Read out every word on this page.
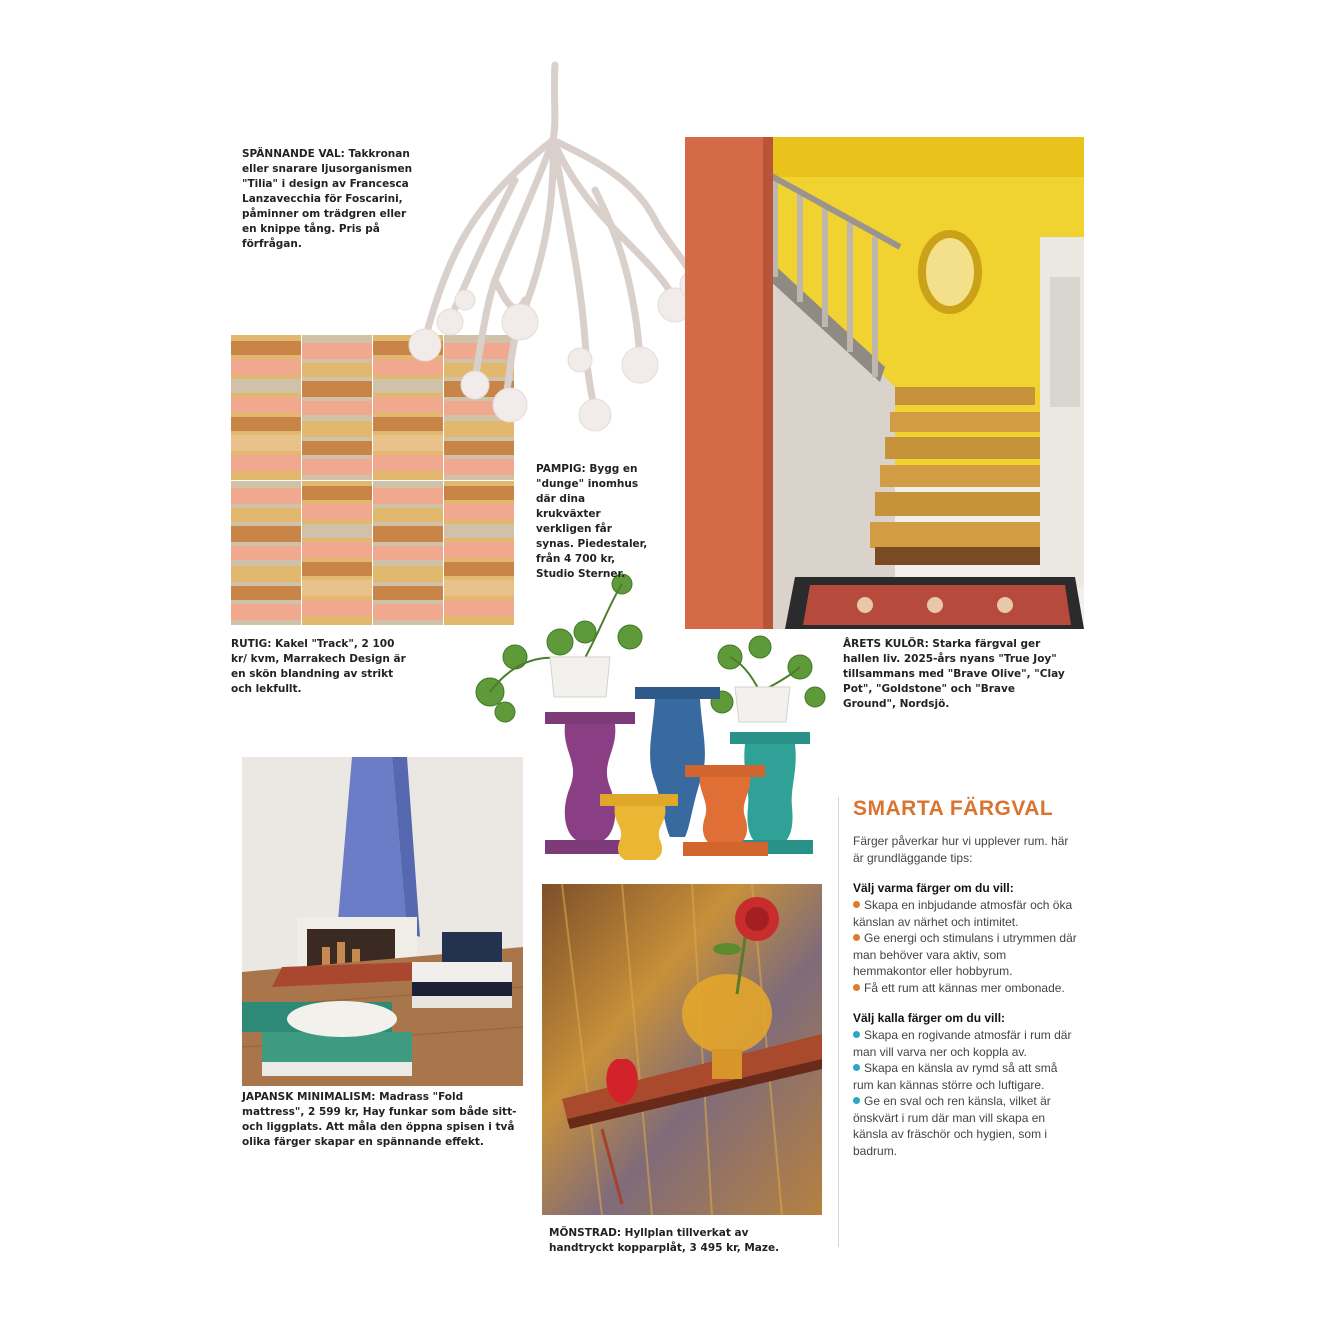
SPÄNNANDE VAL: Takkronan eller snarare ljusorganismen "Tilia" i design av Francesca Lanzavecchia för Foscarini, påminner om trädgren eller en knippe tång. Pris på förfrågan.

PAMPIG: Bygg en "dunge" inomhus där dina krukväxter verkligen får synas. Piedestaler, från 4 700 kr, Studio Sterner.

RUTIG: Kakel "Track", 2 100 kr/ kvm, Marrakech Design är en skön blandning av strikt och lekfullt.

ÅRETS KULÖR: Starka färgval ger hallen liv. 2025-års nyans "True Joy" tillsammans med "Brave Olive", "Clay Pot", "Goldstone" och "Brave Ground", Nordsjö.

JAPANSK MINIMALISM: Madrass "Fold mattress", 2 599 kr, Hay funkar som både sitt- och liggplats. Att måla den öppna spisen i två olika färger skapar en spännande effekt.

MÖNSTRAD: Hyllplan tillverkat av handtryckt kopparplåt, 3 495 kr, Maze.

SMARTA FÄRGVAL

Färger påverkar hur vi upplever rum. här är grundläggande tips:

Välj varma färger om du vill:

Skapa en inbjudande atmosfär och öka känslan av närhet och intimitet.

Ge energi och stimulans i utrymmen där man behöver vara aktiv, som hemmakontor eller hobbyrum.

Få ett rum att kännas mer ombonade.

Välj kalla färger om du vill:

Skapa en rogivande atmosfär i rum där man vill varva ner och koppla av.

Skapa en känsla av rymd så att små rum kan kännas större och luftigare.

Ge en sval och ren känsla, vilket är önskvärt i rum där man vill skapa en känsla av fräschör och hygien, som i badrum.
